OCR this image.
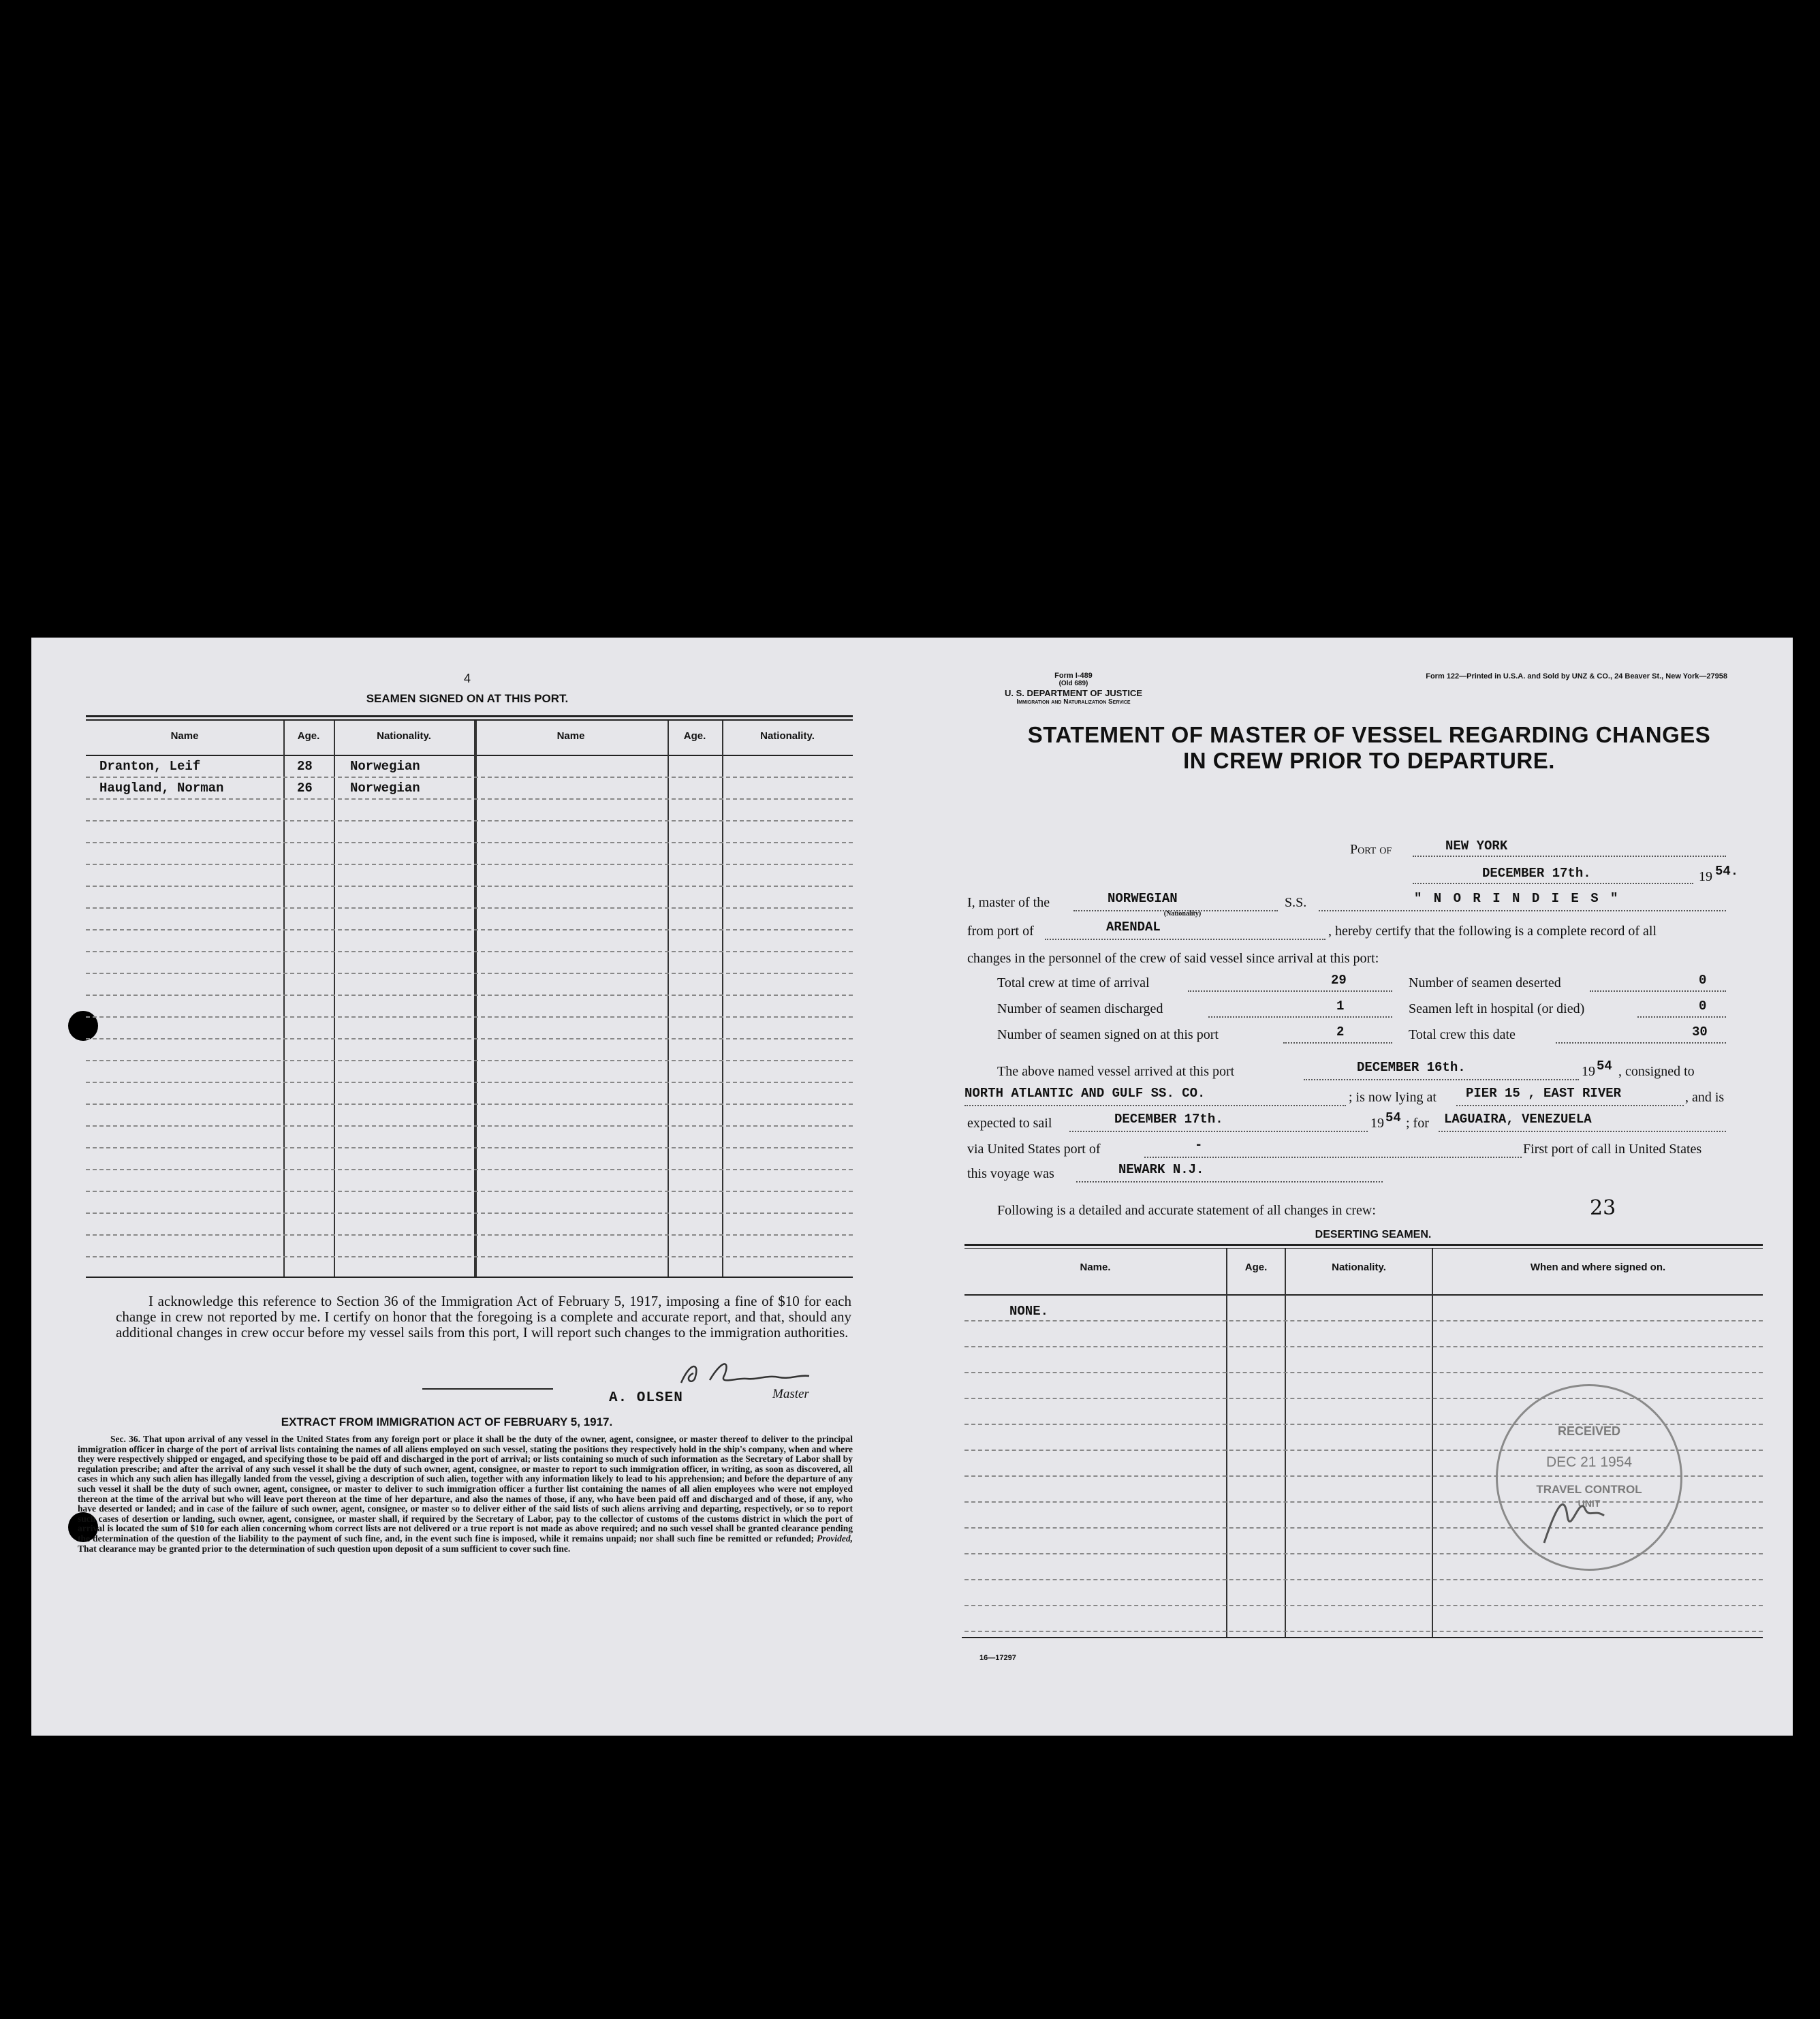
4
SEAMEN SIGNED ON AT THIS PORT.
Name	Age.	Nationality.	Name	Age.	Nationality.
Dranton, Leif	28	Norwegian
Haugland, Norman	26	Norwegian
I acknowledge this reference to Section 36 of the Immigration Act of February 5, 1917, imposing a fine of $10 for each change in crew not reported by me. I certify on honor that the foregoing is a complete and accurate report, and that, should any additional changes in crew occur before my vessel sails from this port, I will report such changes to the immigration authorities.
A. OLSEN	Master
EXTRACT FROM IMMIGRATION ACT OF FEBRUARY 5, 1917.
Sec. 36. That upon arrival of any vessel in the United States from any foreign port or place it shall be the duty of the owner, agent, consignee, or master thereof to deliver to the principal immigration officer in charge of the port of arrival lists containing the names of all aliens employed on such vessel, stating the positions they respectively hold in the ship's company, when and where they were respectively shipped or engaged, and specifying those to be paid off and discharged in the port of arrival; or lists containing so much of such information as the Secretary of Labor shall by regulation prescribe; and after the arrival of any such vessel it shall be the duty of such owner, agent, consignee, or master to report to such immigration officer, in writing, as soon as discovered, all cases in which any such alien has illegally landed from the vessel, giving a description of such alien, together with any information likely to lead to his apprehension; and before the departure of any such vessel it shall be the duty of such owner, agent, consignee, or master to deliver to such immigration officer a further list containing the names of all alien employees who were not employed thereon at the time of the arrival but who will leave port thereon at the time of her departure, and also the names of those, if any, who have been paid off and discharged and of those, if any, who have deserted or landed; and in case of the failure of such owner, agent, consignee, or master so to deliver either of the said lists of such aliens arriving and departing, respectively, or so to report such cases of desertion or landing, such owner, agent, consignee, or master shall, if required by the Secretary of Labor, pay to the collector of customs of the customs district in which the port of arrival is located the sum of $10 for each alien concerning whom correct lists are not delivered or a true report is not made as above required; and no such vessel shall be granted clearance pending the determination of the question of the liability to the payment of such fine, and, in the event such fine is imposed, while it remains unpaid; nor shall such fine be remitted or refunded; Provided, That clearance may be granted prior to the determination of such question upon deposit of a sum sufficient to cover such fine.
Form I-489
(Old 689)
U. S. DEPARTMENT OF JUSTICE
Immigration and Naturalization Service
Form 122—Printed in U.S.A. and Sold by UNZ & CO., 24 Beaver St., New York—27958
STATEMENT OF MASTER OF VESSEL REGARDING CHANGES
IN CREW PRIOR TO DEPARTURE.
Port of	NEW YORK
DECEMBER 17th.	19 54.
I, master of the	NORWEGIAN
(Nationality)
S.S.	" N O R I N D I E S "
from port of	ARENDAL	, hereby certify that the following is a complete record of all
changes in the personnel of the crew of said vessel since arrival at this port:
Total crew at time of arrival	29	Number of seamen deserted	0
Number of seamen discharged	1	Seamen left in hospital (or died)	0
Number of seamen signed on at this port	2	Total crew this date	30
The above named vessel arrived at this port	DECEMBER 16th.	19 54 , consigned to
NORTH ATLANTIC AND GULF SS. CO.	; is now lying at PIER 15 , EAST RIVER	, and is
expected to sail	DECEMBER 17th.	19 54 ; for LAGUAIRA, VENEZUELA
via United States port of	-	First port of call in United States
this voyage was	NEWARK N.J.
Following is a detailed and accurate statement of all changes in crew:	23
DESERTING SEAMEN.
Name.	Age.	Nationality.	When and where signed on.
NONE.
RECEIVED
DEC 21 1954
TRAVEL CONTROL
UNIT
16—17297
